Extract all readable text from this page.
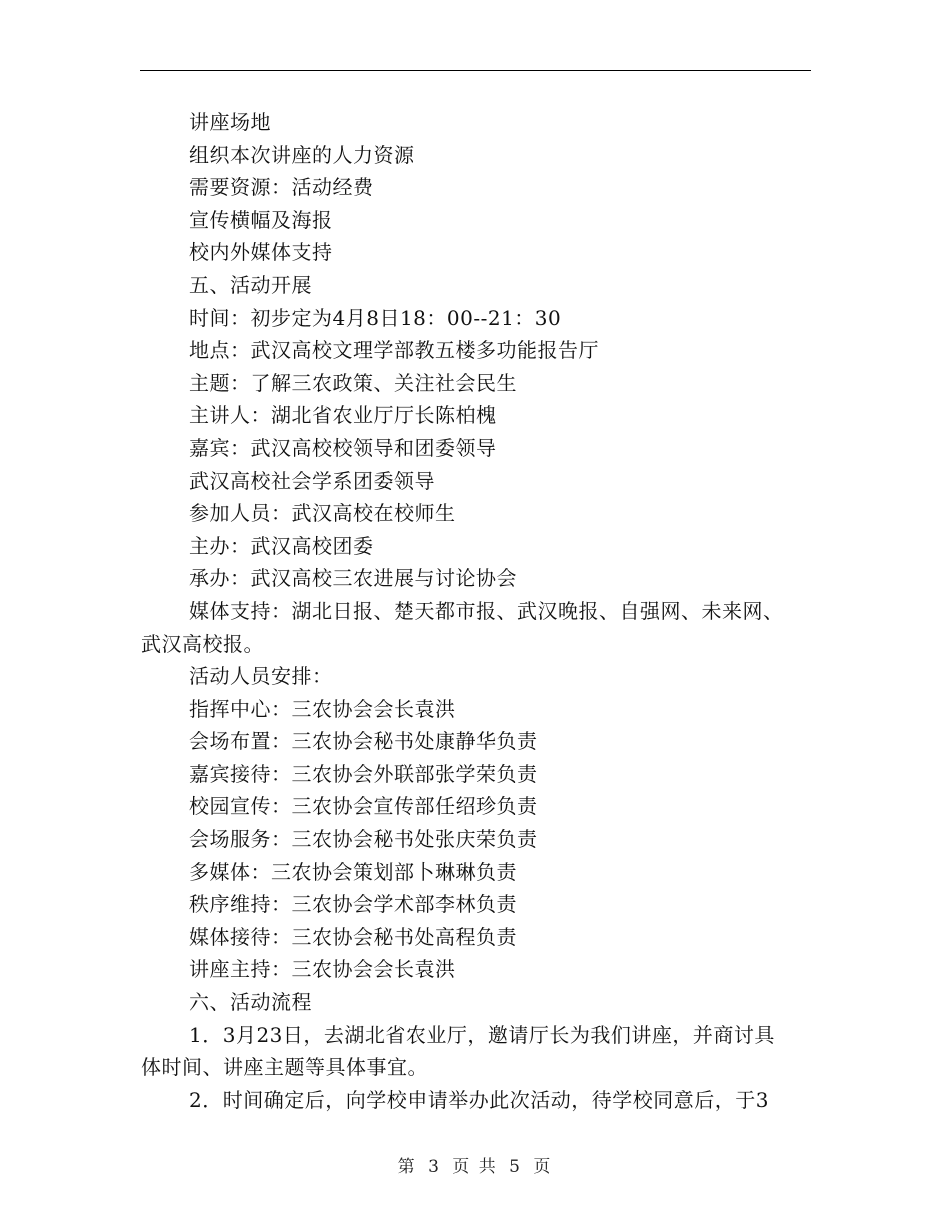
讲座场地
组织本次讲座的人力资源
需要资源：活动经费
宣传横幅及海报
校内外媒体支持
五、活动开展
时间：初步定为4月8日18：00--21：30
地点：武汉高校文理学部教五楼多功能报告厅
主题：了解三农政策、关注社会民生
主讲人：湖北省农业厅厅长陈柏槐
嘉宾：武汉高校校领导和团委领导
武汉高校社会学系团委领导
参加人员：武汉高校在校师生
主办：武汉高校团委
承办：武汉高校三农进展与讨论协会
媒体支持：湖北日报、楚天都市报、武汉晚报、自强网、未来网、
武汉高校报。
活动人员安排：
指挥中心：三农协会会长袁洪
会场布置：三农协会秘书处康静华负责
嘉宾接待：三农协会外联部张学荣负责
校园宣传：三农协会宣传部任绍珍负责
会场服务：三农协会秘书处张庆荣负责
多媒体：三农协会策划部卜琳琳负责
秩序维持：三农协会学术部李林负责
媒体接待：三农协会秘书处高程负责
讲座主持：三农协会会长袁洪
六、活动流程
1．3月23日，去湖北省农业厅，邀请厅长为我们讲座，并商讨具
体时间、讲座主题等具体事宜。
2．时间确定后，向学校申请举办此次活动，待学校同意后，于3
第 3 页 共 5 页
